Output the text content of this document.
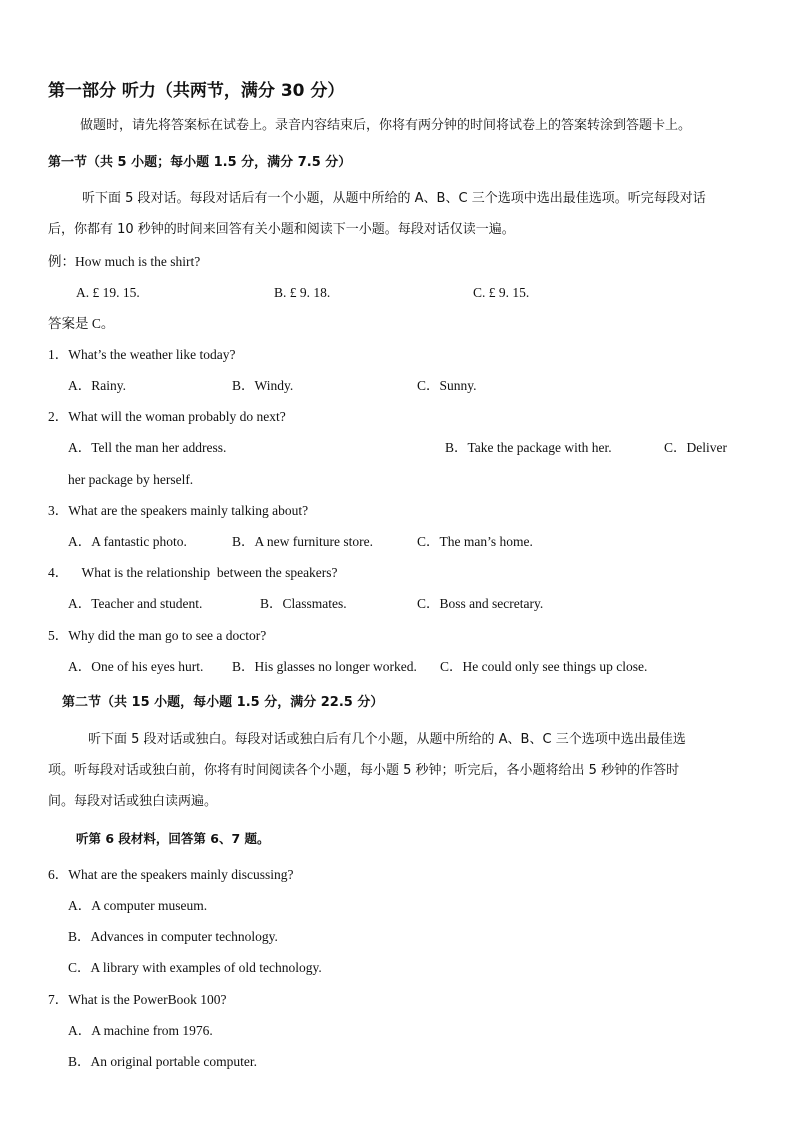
第一部分 听力（共两节，满分 30 分）
做题时，请先将答案标在试卷上。录音内容结束后，你将有两分钟的时间将试卷上的答案转涂到答题卡上。
第一节（共 5 小题；每小题 1.5 分，满分 7.5 分）
听下面 5 段对话。每段对话后有一个小题，从题中所给的 A、B、C 三个选项中选出最佳选项。听完每段对话
后，你都有 10 秒钟的时间来回答有关小题和阅读下一小题。每段对话仅读一遍。
例：How much is the shirt?
A. £ 19. 15.	B. £ 9. 18.	C. £ 9. 15.
答案是 C。
1．What’s the weather like today?
A．Rainy.	B．Windy.	C．Sunny.
2．What will the woman probably do next?
A．Tell the man her address.	B．Take the package with her.	C．Deliver
her package by herself.
3．What are the speakers mainly talking about?
A．A fantastic photo.	B．A new furniture store.	C．The man’s home.
4．    What is the relationship  between the speakers?
A．Teacher and student.	B．Classmates.	C．Boss and secretary.
5．Why did the man go to see a doctor?
A．One of his eyes hurt. B．His glasses no longer worked. C．He could only see things up close.
第二节（共 15 小题，每小题 1.5 分，满分 22.5 分）
听下面 5 段对话或独白。每段对话或独白后有几个小题，从题中所给的 A、B、C 三个选项中选出最佳选
项。听每段对话或独白前，你将有时间阅读各个小题，每小题 5 秒钟；听完后，各小题将给出 5 秒钟的作答时
间。每段对话或独白读两遍。
听第 6 段材料，回答第 6、7 题。
6．What are the speakers mainly discussing?
A．A computer museum.
B．Advances in computer technology.
C．A library with examples of old technology.
7．What is the PowerBook 100?
A．A machine from 1976.
B．An original portable computer.
